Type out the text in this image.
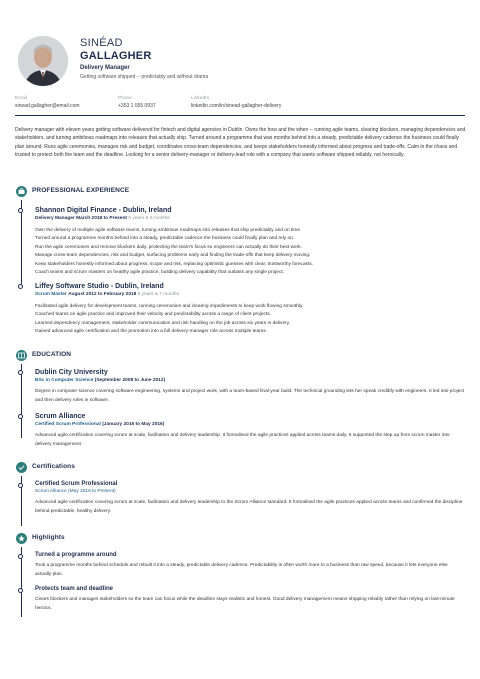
SINÉAD
GALLAGHER
Delivery Manager
Getting software shipped -- predictably and without drama
Email
sinead.gallagher@email.com
Phone
+353 1 555 0937
LinkedIn
linkedin.com/in/sinead-gallagher-delivery
Delivery manager with eleven years getting software delivered for fintech and digital agencies in Dublin. Owns the how and the when -- running agile teams, clearing blockers, managing dependencies and stakeholders, and turning ambitious roadmaps into releases that actually ship. Turned around a programme that was months behind into a steady, predictable delivery cadence the business could finally plan around. Runs agile ceremonies, manages risk and budget, coordinates cross-team dependencies, and keeps stakeholders honestly informed about progress and trade-offs. Calm in the chaos and trusted to protect both the team and the deadline. Looking for a senior delivery-manager or delivery-lead role with a company that wants software shipped reliably, not heroically.
PROFESSIONAL EXPERIENCE
Shannon Digital Finance - Dublin, Ireland
Delivery Manager March 2018 to Present 5 years & 5 months
Own the delivery of multiple agile software teams, turning ambitious roadmaps into releases that ship predictably and on time.
Turned around a programme months behind into a steady, predictable cadence the business could finally plan and rely on.
Run the agile ceremonies and remove blockers daily, protecting the team's focus so engineers can actually do their best work.
Manage cross-team dependencies, risk and budget, surfacing problems early and finding the trade-offs that keep delivery moving.
Keep stakeholders honestly informed about progress, scope and risk, replacing optimistic guesses with clear, trustworthy forecasts.
Coach teams and scrum masters on healthy agile practice, building delivery capability that outlasts any single project.
Liffey Software Studio - Dublin, Ireland
Scrum Master August 2012 to February 2018 5 years & 7 months
Facilitated agile delivery for development teams, running ceremonies and clearing impediments to keep work flowing smoothly.
Coached teams on agile practice and improved their velocity and predictability across a range of client projects.
Learned dependency management, stakeholder communication and risk handling on the job across six years in delivery.
Gained advanced agile certification and the promotion into a full delivery-manager role across multiple teams.
EDUCATION
Dublin City University
BSc in Computer Science (September 2008 to June 2012)
Degree in computer science covering software engineering, systems and project work, with a team-based final-year build. The technical grounding lets her speak credibly with engineers. It led into project and then delivery roles in software.
Scrum Alliance
Certified Scrum Professional (January 2016 to May 2016)
Advanced agile certification covering scrum at scale, facilitation and delivery leadership. It formalised the agile practices applied across teams daily. It supported the step up from scrum master into delivery management.
Certifications
Certified Scrum Professional
Scrum Alliance (May 2016 to Present)
Advanced agile certification covering scrum at scale, facilitation and delivery leadership to the Scrum Alliance standard. It formalised the agile practices applied across teams and confirmed the discipline behind predictable, healthy delivery.
Highlights
Turned a programme around
Took a programme months behind schedule and rebuilt it into a steady, predictable delivery cadence. Predictability is often worth more to a business than raw speed, because it lets everyone else actually plan.
Protects team and deadline
Clears blockers and manages stakeholders so the team can focus while the deadline stays realistic and honest. Good delivery management means shipping reliably rather than relying on last-minute heroics.
